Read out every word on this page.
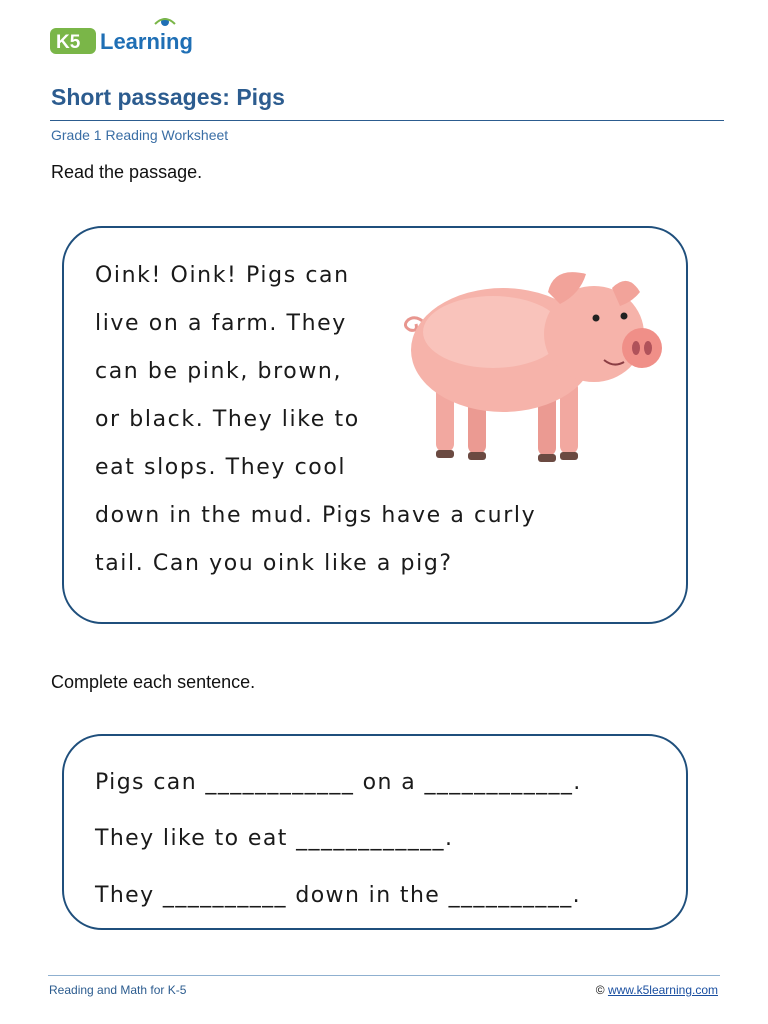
K5 Learning
Short passages: Pigs
Grade 1 Reading Worksheet
Read the passage.
Oink! Oink! Pigs can
live on a farm. They
can be pink, brown,
or black. They like to
eat slops. They cool
down in the mud. Pigs have a curly
tail. Can you oink like a pig?
Complete each sentence.
Pigs can ____________ on a ____________.
They like to eat ____________.
They __________ down in the __________.
Reading and Math for K-5	© www.k5learning.com
